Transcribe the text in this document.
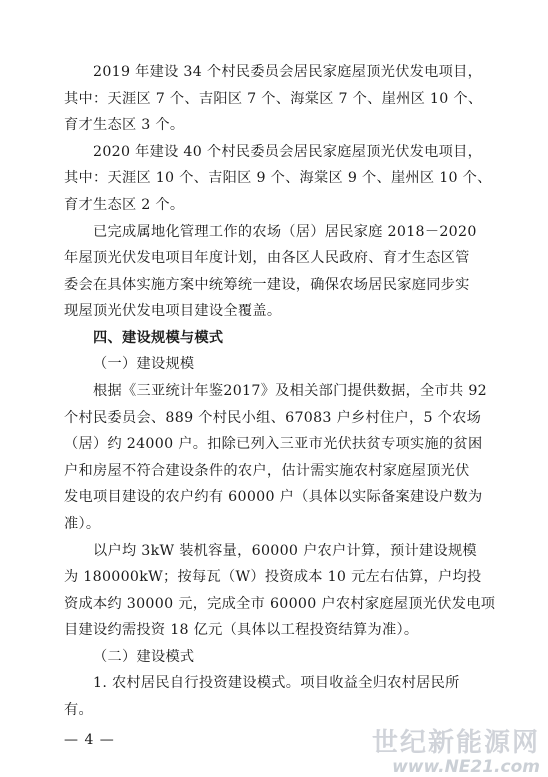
2019 年建设 34 个村民委员会居民家庭屋顶光伏发电项目，
其中：天涯区 7 个、吉阳区 7 个、海棠区 7 个、崖州区 10 个、
育才生态区 3 个。
2020 年建设 40 个村民委员会居民家庭屋顶光伏发电项目，
其中：天涯区 10 个、吉阳区 9 个、海棠区 9 个、崖州区 10 个、
育才生态区 2 个。
已完成属地化管理工作的农场（居）居民家庭 2018－2020
年屋顶光伏发电项目年度计划，由各区人民政府、育才生态区管
委会在具体实施方案中统筹统一建设，确保农场居民家庭同步实
现屋顶光伏发电项目建设全覆盖。
四、建设规模与模式
（一）建设规模
根据《三亚统计年鉴2017》及相关部门提供数据，全市共 92
个村民委员会、889 个村民小组、67083 户乡村住户，5 个农场
（居）约 24000 户。扣除已列入三亚市光伏扶贫专项实施的贫困
户和房屋不符合建设条件的农户，估计需实施农村家庭屋顶光伏
发电项目建设的农户约有 60000 户（具体以实际备案建设户数为
准）。
以户均 3kW 装机容量，60000 户农户计算，预计建设规模
为 180000kW；按每瓦（W）投资成本 10 元左右估算，户均投
资成本约 30000 元，完成全市 60000 户农村家庭屋顶光伏发电项
目建设约需投资 18 亿元（具体以工程投资结算为准）。
（二）建设模式
1. 农村居民自行投资建设模式。项目收益全归农村居民所
有。
— 4 —	世纪新能源网
www.NE21.com
